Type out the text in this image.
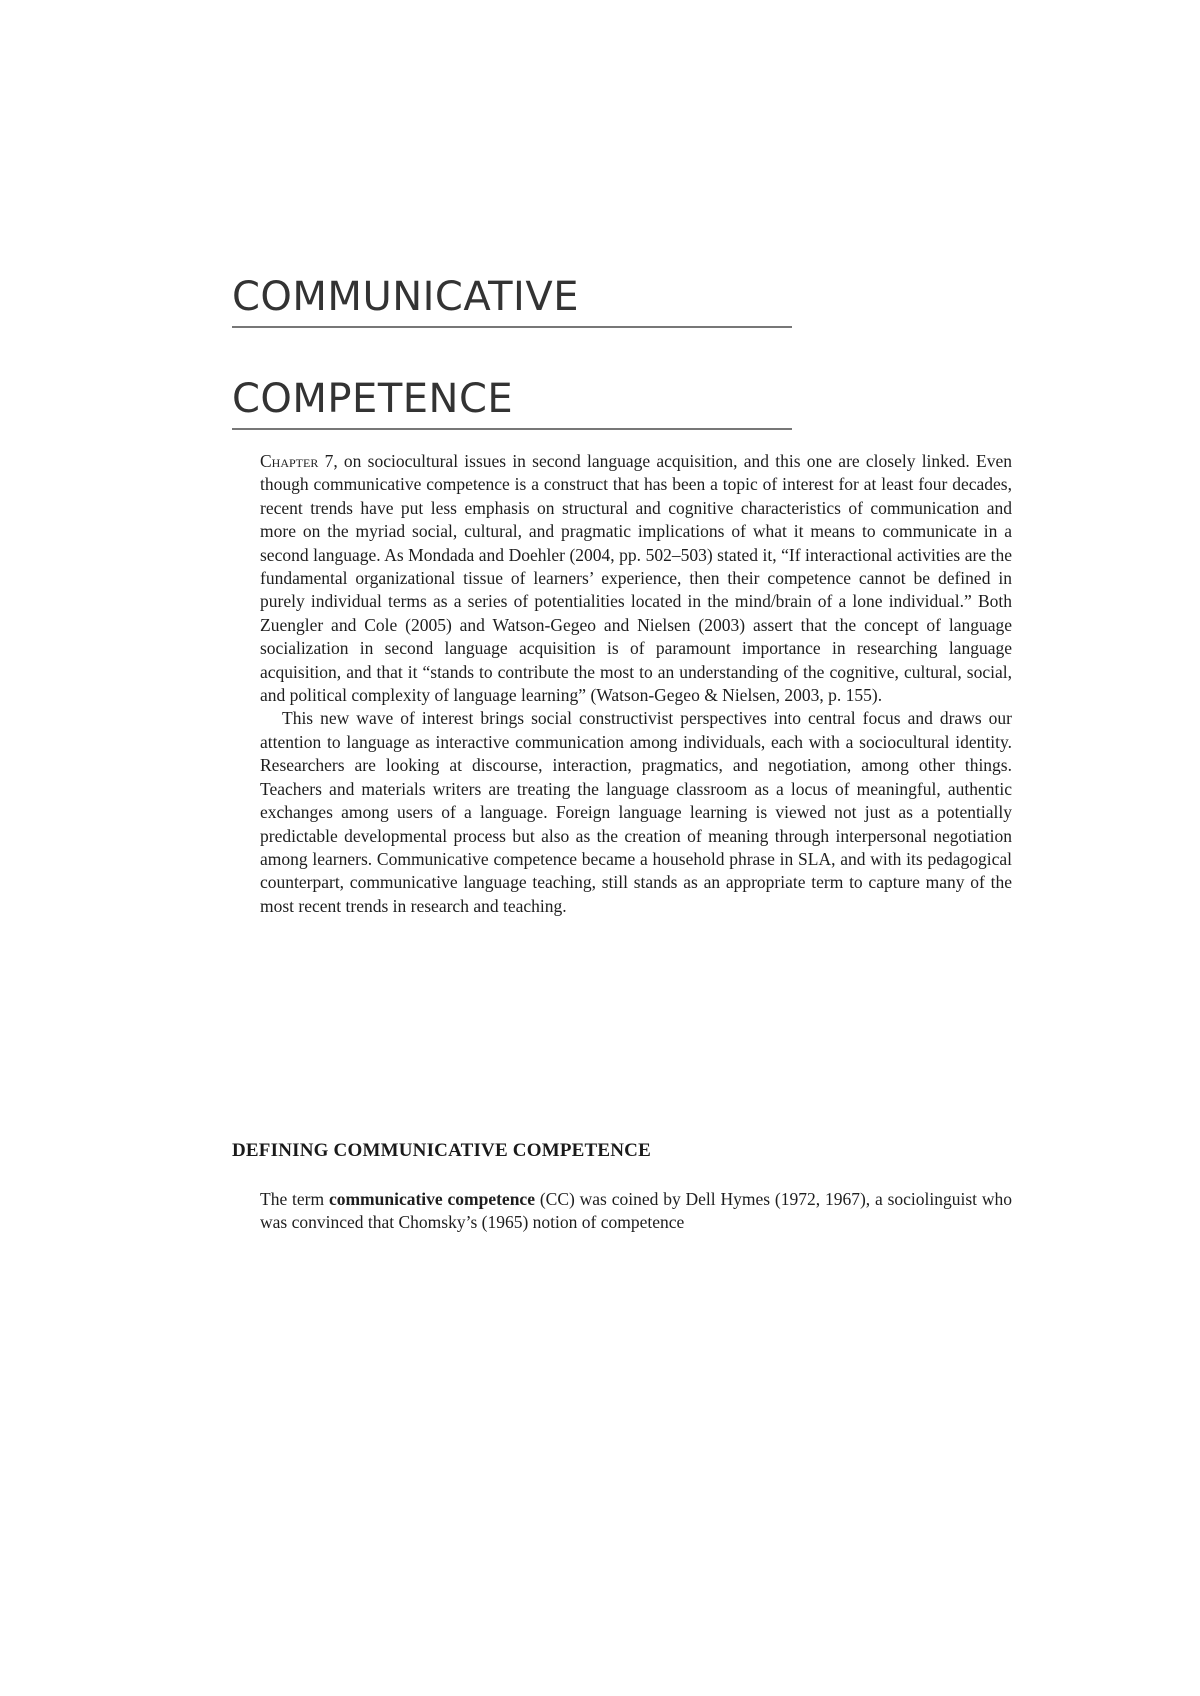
COMMUNICATIVE
COMPETENCE

Chapter 7, on sociocultural issues in second language acquisition, and this one are closely linked. Even though communicative competence is a construct that has been a topic of interest for at least four decades, recent trends have put less emphasis on structural and cognitive characteristics of communication and more on the myriad social, cultural, and pragmatic implications of what it means to communicate in a second language. As Mondada and Doehler (2004, pp. 502–503) stated it, “If interactional activities are the fundamental organizational tissue of learners’ experience, then their competence cannot be defined in purely individual terms as a series of potentialities located in the mind/brain of a lone individual.” Both Zuengler and Cole (2005) and Watson-Gegeo and Nielsen (2003) assert that the concept of language socialization in second language acquisition is of paramount importance in researching language acquisition, and that it “stands to contribute the most to an understanding of the cognitive, cultural, social, and political complexity of language learning” (Watson-Gegeo & Nielsen, 2003, p. 155).

This new wave of interest brings social constructivist perspectives into central focus and draws our attention to language as interactive communication among individuals, each with a sociocultural identity. Researchers are looking at discourse, interaction, pragmatics, and negotiation, among other things. Teachers and materials writers are treating the language classroom as a locus of meaningful, authentic exchanges among users of a language. Foreign language learning is viewed not just as a potentially predictable developmental process but also as the creation of meaning through interpersonal negotiation among learners. Communicative competence became a household phrase in SLA, and with its pedagogical counterpart, communicative language teaching, still stands as an appropriate term to capture many of the most recent trends in research and teaching.

DEFINING COMMUNICATIVE COMPETENCE

The term communicative competence (CC) was coined by Dell Hymes (1972, 1967), a sociolinguist who was convinced that Chomsky’s (1965) notion of competence
